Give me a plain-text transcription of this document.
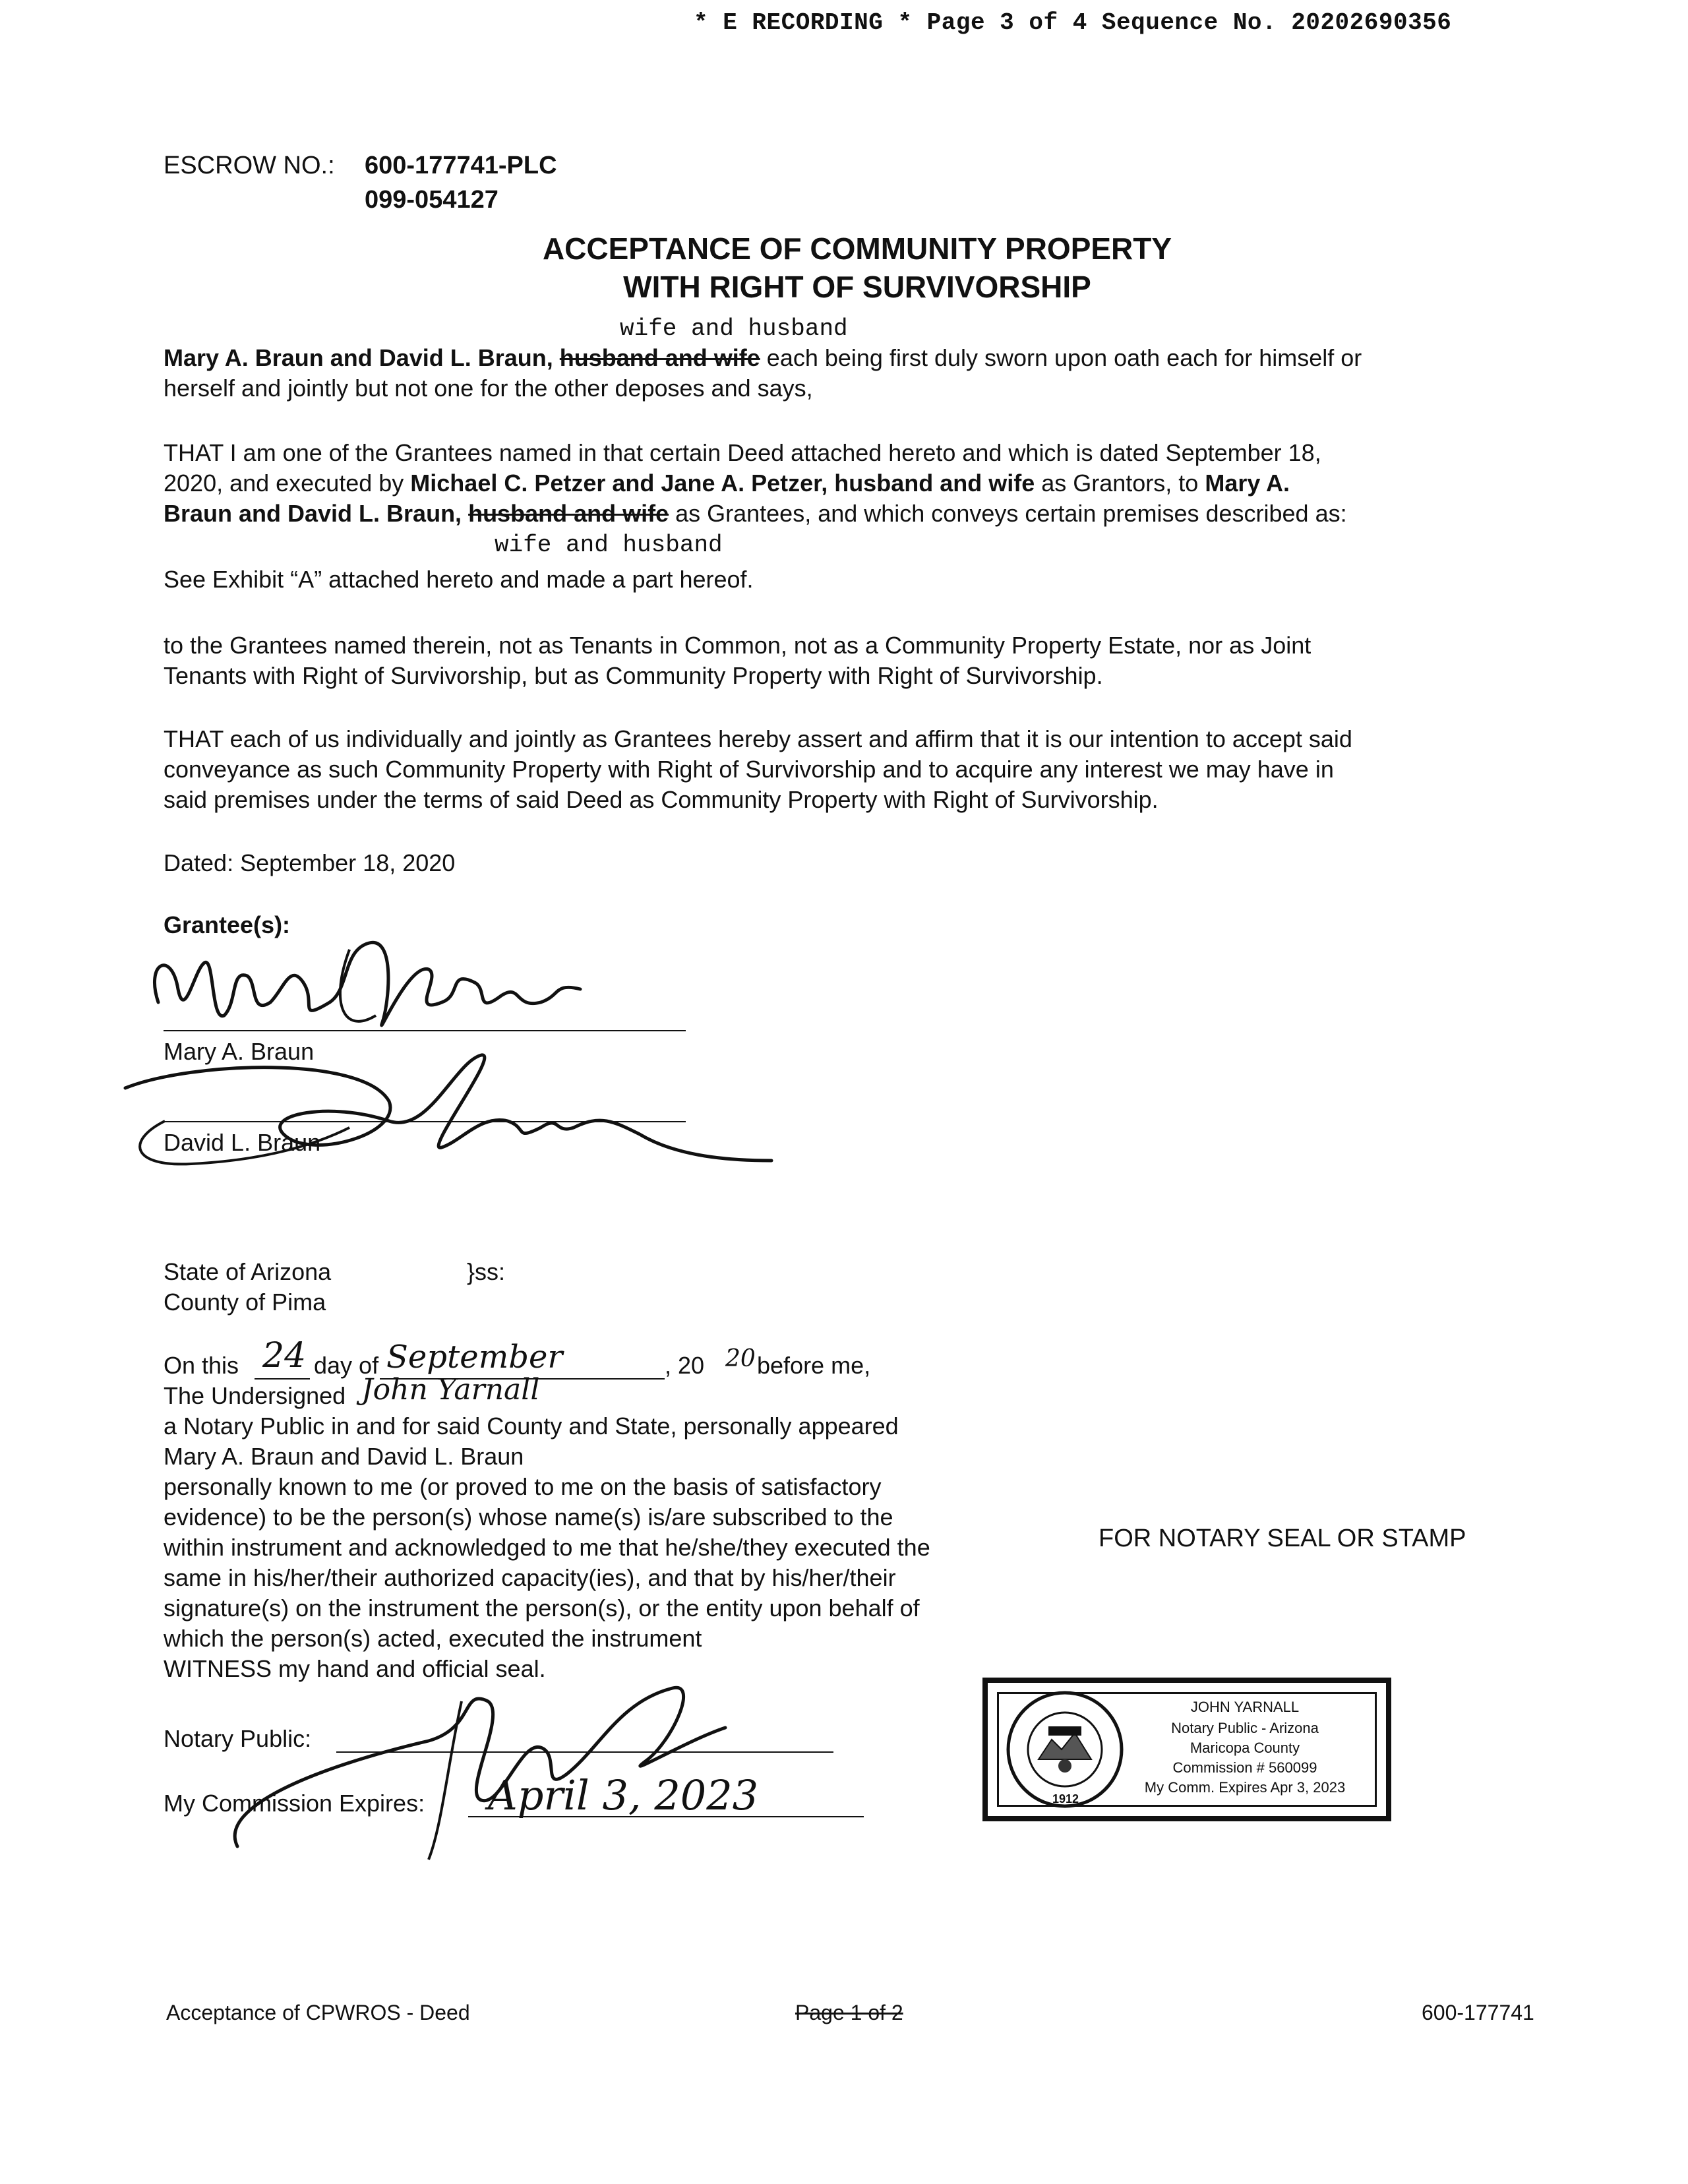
* E RECORDING * Page 3 of 4 Sequence No. 20202690356
ESCROW NO.: 600-177741-PLC
099-054127
ACCEPTANCE OF COMMUNITY PROPERTY
WITH RIGHT OF SURVIVORSHIP
wife and husband
Mary A. Braun and David L. Braun, husband and wife each being first duly sworn upon oath each for himself or
herself and jointly but not one for the other deposes and says,
THAT I am one of the Grantees named in that certain Deed attached hereto and which is dated September 18,
2020, and executed by Michael C. Petzer and Jane A. Petzer, husband and wife as Grantors, to Mary A.
Braun and David L. Braun, husband and wife as Grantees, and which conveys certain premises described as:
wife and husband
See Exhibit “A” attached hereto and made a part hereof.
to the Grantees named therein, not as Tenants in Common, not as a Community Property Estate, nor as Joint
Tenants with Right of Survivorship, but as Community Property with Right of Survivorship.
THAT each of us individually and jointly as Grantees hereby assert and affirm that it is our intention to accept said
conveyance as such Community Property with Right of Survivorship and to acquire any interest we may have in
said premises under the terms of said Deed as Community Property with Right of Survivorship.
Dated: September 18, 2020
Grantee(s):
Mary A. Braun
David L. Braun
State of Arizona	}ss:
County of Pima
On this 24 day of September	, 20 20 before me,
The Undersigned John Yarnall
a Notary Public in and for said County and State, personally appeared
Mary A. Braun and David L. Braun
personally known to me (or proved to me on the basis of satisfactory
evidence) to be the person(s) whose name(s) is/are subscribed to the
within instrument and acknowledged to me that he/she/they executed the
same in his/her/their authorized capacity(ies), and that by his/her/their
signature(s) on the instrument the person(s), or the entity upon behalf of
which the person(s) acted, executed the instrument
WITNESS my hand and official seal.
Notary Public:
My Commission Expires: April 3, 2023
FOR NOTARY SEAL OR STAMP
1912
JOHN YARNALL
Notary Public - Arizona
Maricopa County
Commission # 560099
My Comm. Expires Apr 3, 2023
Acceptance of CPWROS - Deed	Page 1 of 2	600-177741
